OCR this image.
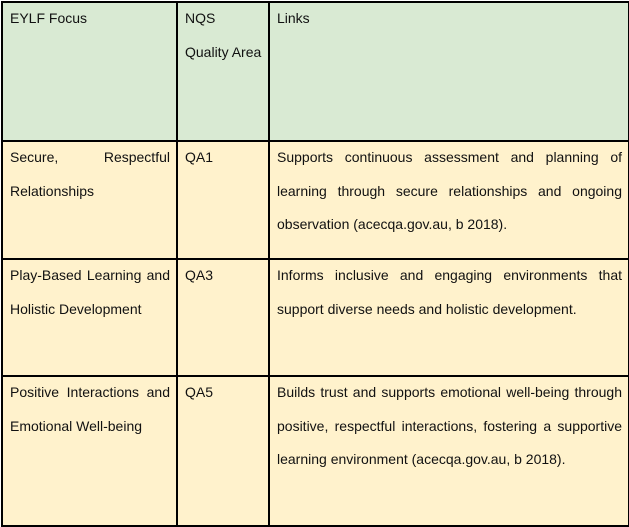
EYLF Focus	NQS Quality Area	Links

Secure, Respectful Relationships	QA1	Supports continuous assessment and planning of learning through secure relationships and ongoing observation (acecqa.gov.au, b 2018).

Play-Based Learning and Holistic Development	QA3	Informs inclusive and engaging environments that support diverse needs and holistic development.

Positive Interactions and Emotional Well-being	QA5	Builds trust and supports emotional well-being through positive, respectful interactions, fostering a supportive learning environment (acecqa.gov.au, b 2018).
